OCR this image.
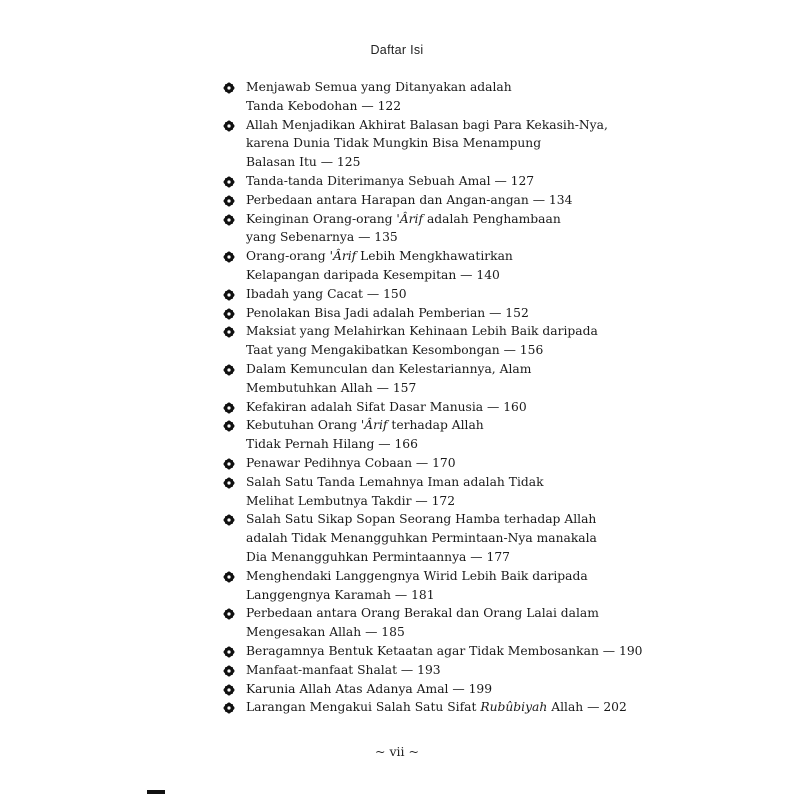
Daftar Isi
Menjawab Semua yang Ditanyakan adalah
Tanda Kebodohan — 122
Allah Menjadikan Akhirat Balasan bagi Para Kekasih-Nya,
karena Dunia Tidak Mungkin Bisa Menampung
Balasan Itu — 125
Tanda-tanda Diterimanya Sebuah Amal — 127
Perbedaan antara Harapan dan Angan-angan — 134
Keinginan Orang-orang 'Ârif adalah Penghambaan
yang Sebenarnya — 135
Orang-orang 'Ârif Lebih Mengkhawatirkan
Kelapangan daripada Kesempitan — 140
Ibadah yang Cacat — 150
Penolakan Bisa Jadi adalah Pemberian — 152
Maksiat yang Melahirkan Kehinaan Lebih Baik daripada
Taat yang Mengakibatkan Kesombongan — 156
Dalam Kemunculan dan Kelestariannya, Alam
Membutuhkan Allah — 157
Kefakiran adalah Sifat Dasar Manusia — 160
Kebutuhan Orang 'Ârif terhadap Allah
Tidak Pernah Hilang — 166
Penawar Pedihnya Cobaan — 170
Salah Satu Tanda Lemahnya Iman adalah Tidak
Melihat Lembutnya Takdir — 172
Salah Satu Sikap Sopan Seorang Hamba terhadap Allah
adalah Tidak Menangguhkan Permintaan-Nya manakala
Dia Menangguhkan Permintaannya — 177
Menghendaki Langgengnya Wirid Lebih Baik daripada
Langgengnya Karamah — 181
Perbedaan antara Orang Berakal dan Orang Lalai dalam
Mengesakan Allah — 185
Beragamnya Bentuk Ketaatan agar Tidak Membosankan — 190
Manfaat-manfaat Shalat — 193
Karunia Allah Atas Adanya Amal — 199
Larangan Mengakui Salah Satu Sifat Rubûbiyah Allah — 202
~ vii ~
